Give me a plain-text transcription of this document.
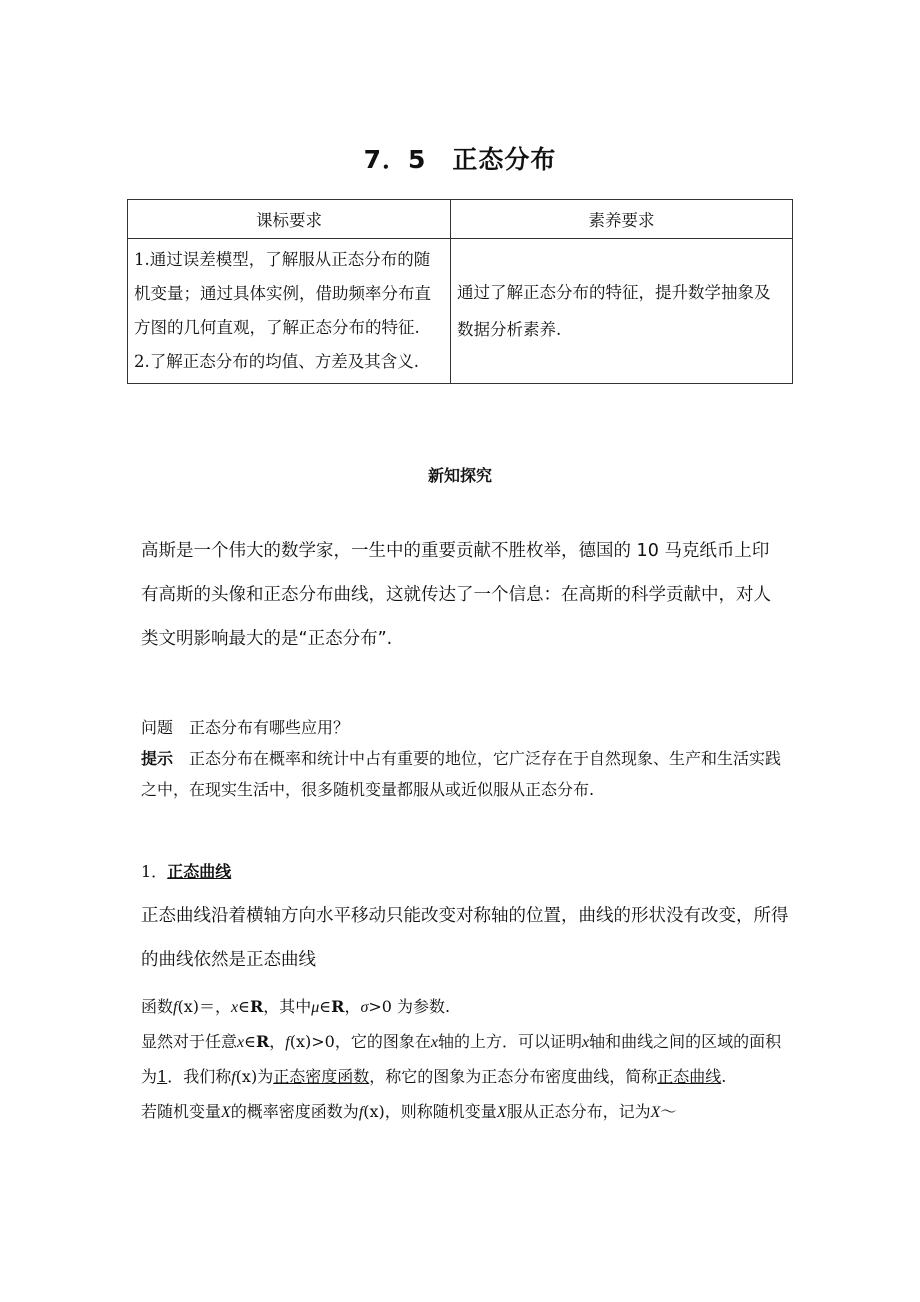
7．5　正态分布
课标要求	素养要求
1.通过误差模型，了解服从正态分布的随机变量；通过具体实例，借助频率分布直方图的几何直观，了解正态分布的特征.
2.了解正态分布的均值、方差及其含义.	通过了解正态分布的特征，提升数学抽象及数据分析素养.
新知探究
高斯是一个伟大的数学家，一生中的重要贡献不胜枚举，德国的 10 马克纸币上印有高斯的头像和正态分布曲线，这就传达了一个信息：在高斯的科学贡献中，对人类文明影响最大的是“正态分布”.
问题　 正态分布有哪些应用？
提示　 正态分布在概率和统计中占有重要的地位，它广泛存在于自然现象、生产和生活实践之中，在现实生活中，很多随机变量都服从或近似服从正态分布.
1．正态曲线
正态曲线沿着横轴方向水平移动只能改变对称轴的位置，曲线的形状没有改变，所得的曲线依然是正态曲线
函数f(x)＝，x∈R，其中μ∈R，σ>0 为参数.
显然对于任意x∈R，f(x)>0，它的图象在x轴的上方．可以证明x轴和曲线之间的区域的面积为1．我们称f(x)为正态密度函数，称它的图象为正态分布密度曲线，简称正态曲线.
若随机变量X的概率密度函数为f(x)，则称随机变量X服从正态分布，记为X～
